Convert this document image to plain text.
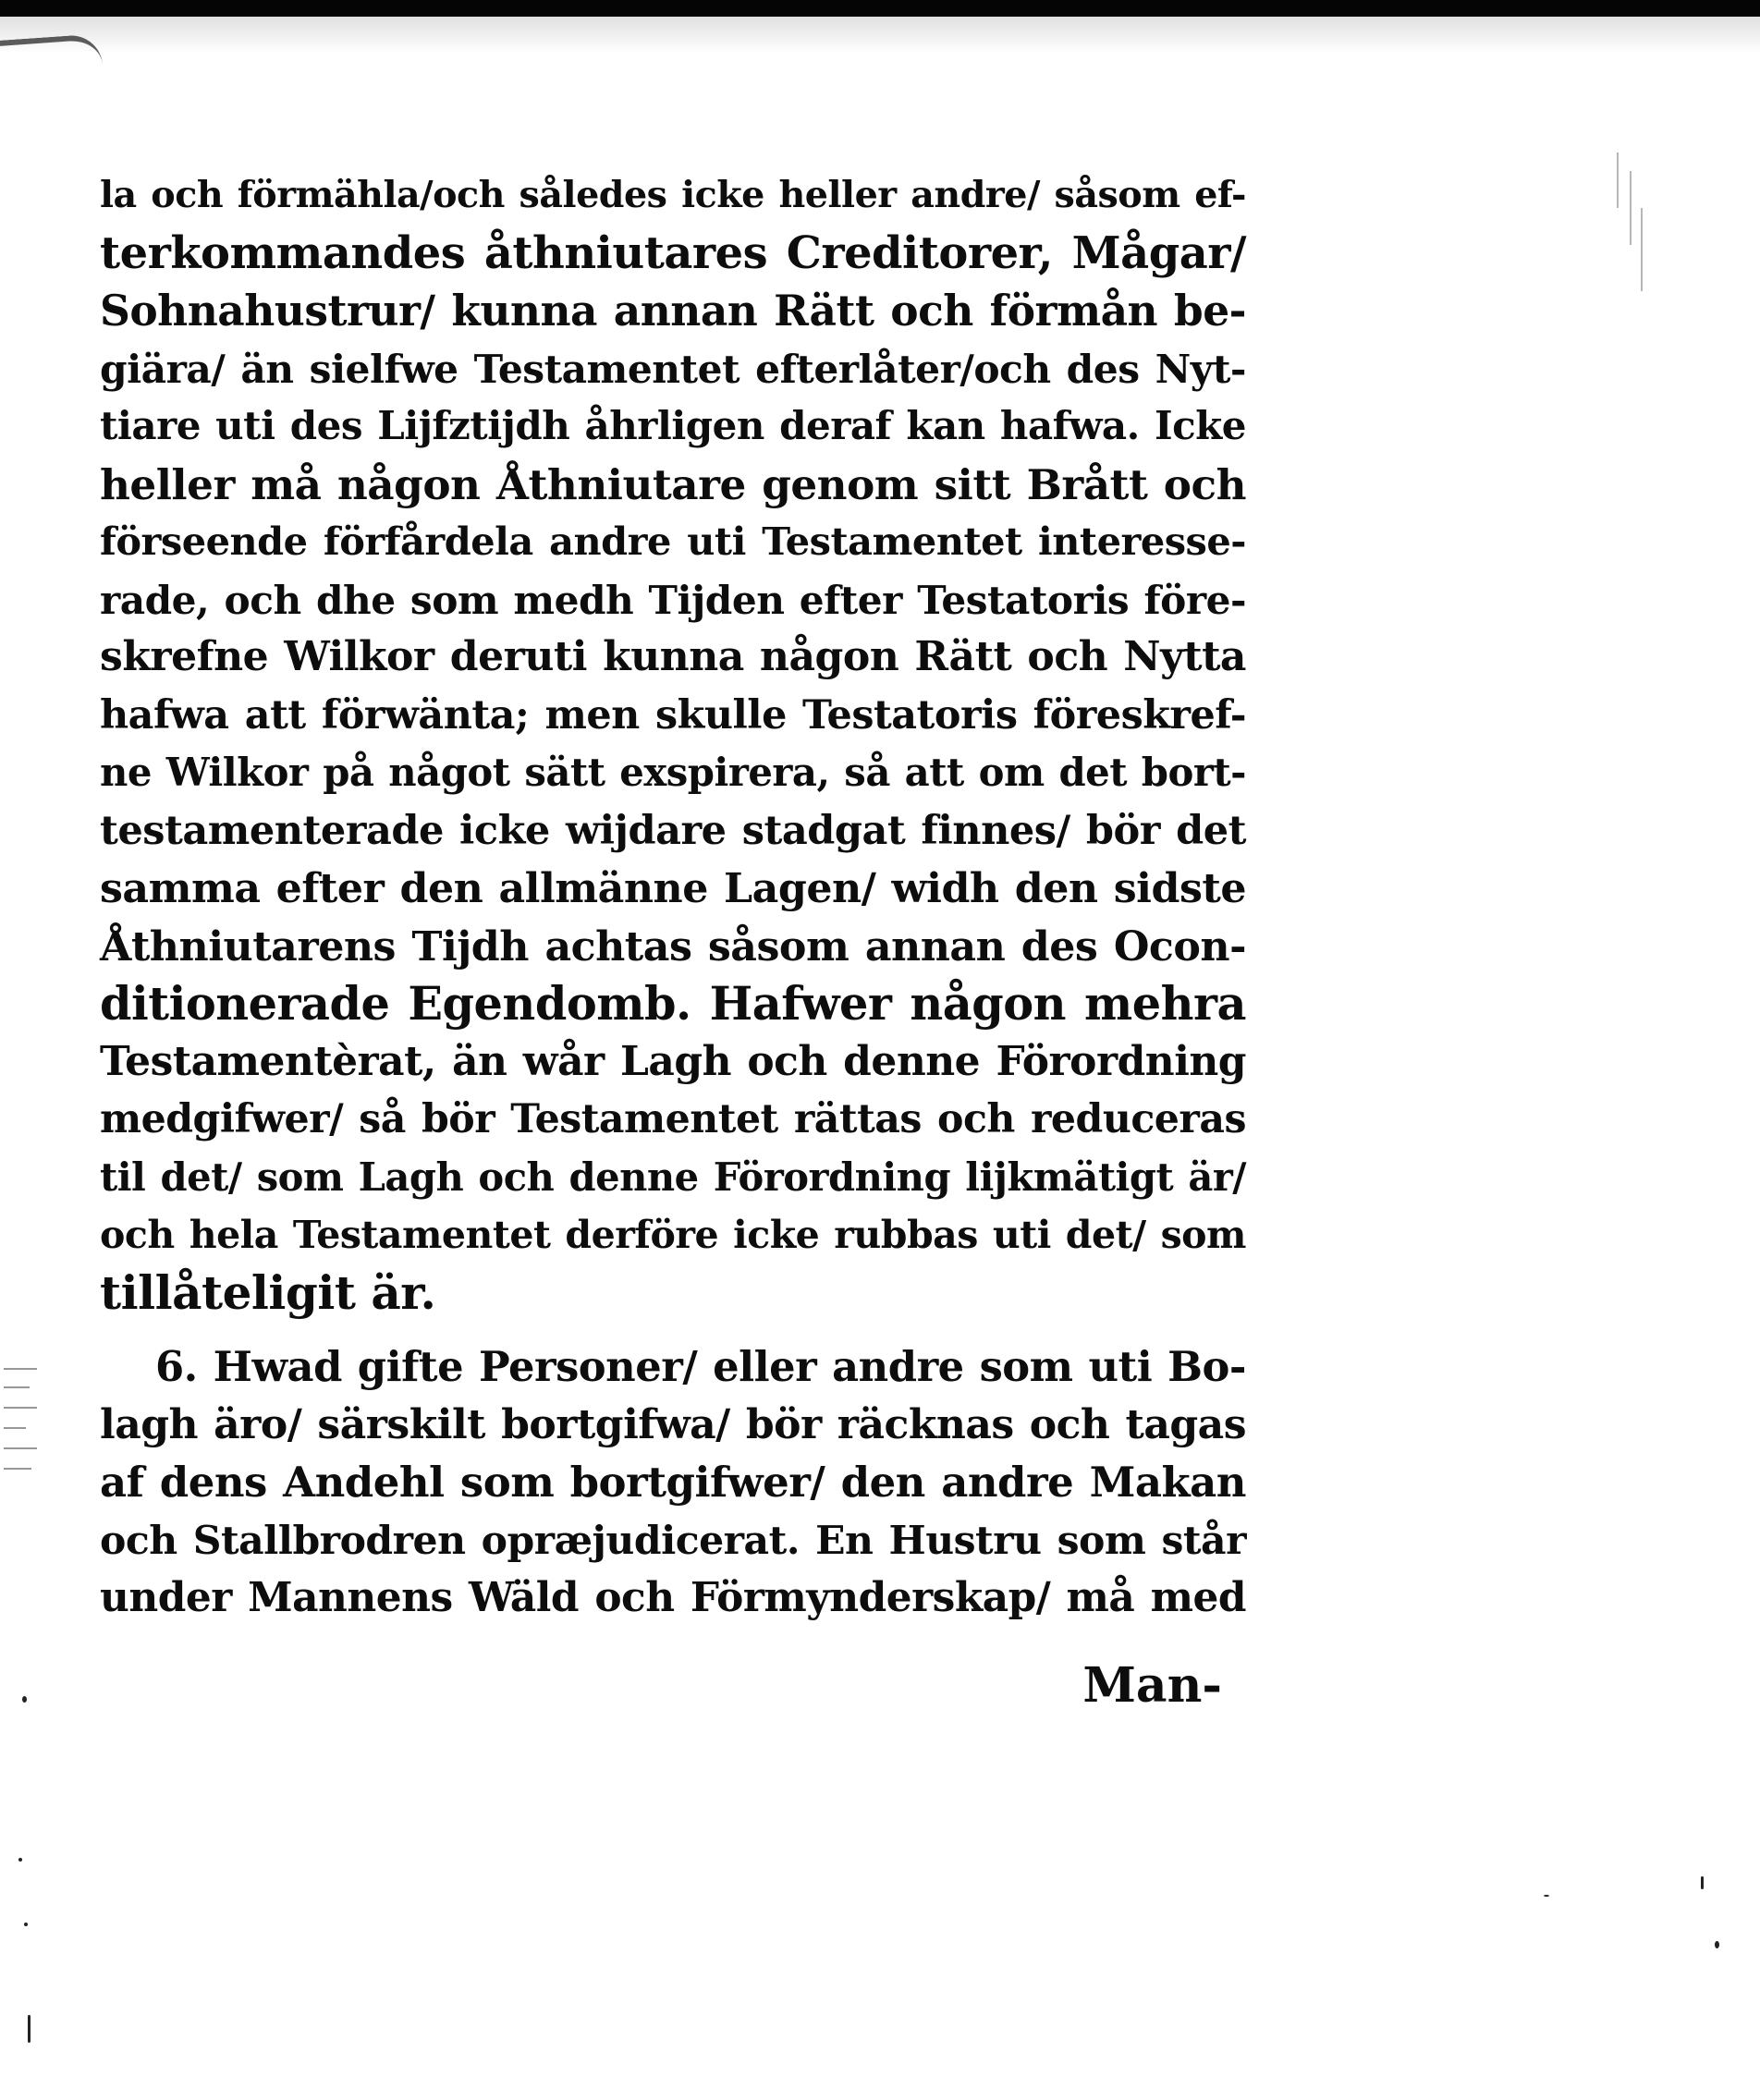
la och förmähla/och således icke heller andre/ såsom ef-
terkommandes åthniutares Creditorer, Mågar/
Sohnahustrur/ kunna annan Rätt och förmån be-
giära/ än sielfwe Testamentet efterlåter/och des Nyt-
tiare uti des Lijfztijdh åhrligen deraf kan hafwa. Icke
heller må någon Åthniutare genom sitt Brått och
förseende förfårdela andre uti Testamentet interesse-
rade, och dhe som medh Tijden efter Testatoris före-
skrefne Wilkor deruti kunna någon Rätt och Nytta
hafwa att förwänta; men skulle Testatoris föreskref-
ne Wilkor på något sätt exspirera, så att om det bort-
testamenterade icke wijdare stadgat finnes/ bör det
samma efter den allmänne Lagen/ widh den sidste
Åthniutarens Tijdh achtas såsom annan des Ocon-
ditionerade Egendomb. Hafwer någon mehra
Testamentèrat, än wår Lagh och denne Förordning
medgifwer/ så bör Testamentet rättas och reduceras
til det/ som Lagh och denne Förordning lijkmätigt är/
och hela Testamentet derföre icke rubbas uti det/ som
tillåteligit är.
6. Hwad gifte Personer/ eller andre som uti Bo-
lagh äro/ särskilt bortgifwa/ bör räcknas och tagas
af dens Andehl som bortgifwer/ den andre Makan
och Stallbrodren opræjudicerat. En Hustru som står
under Mannens Wäld och Förmynderskap/ må med
Man-
